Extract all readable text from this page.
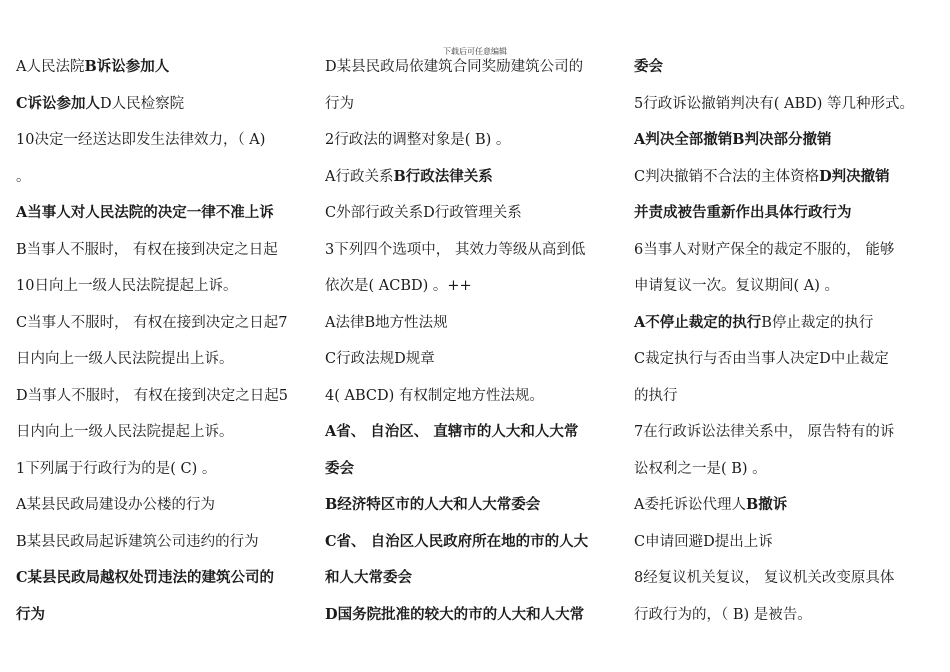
下载后可任意编辑
A人民法院B诉讼参加人
C诉讼参加人D人民检察院
10决定一经送达即发生法律效力，（ A)
。
A当事人对人民法院的决定一律不准上诉
B当事人不服时， 有权在接到决定之日起
10日向上一级人民法院提起上诉。
C当事人不服时， 有权在接到决定之日起7
日内向上一级人民法院提出上诉。
D当事人不服时， 有权在接到决定之日起5
日内向上一级人民法院提起上诉。
1下列属于行政行为的是( C) 。
A某县民政局建设办公楼的行为
B某县民政局起诉建筑公司违约的行为
C某县民政局越权处罚违法的建筑公司的
行为
D某县民政局依建筑合同奖励建筑公司的
行为
2行政法的调整对象是( B) 。
A行政关系B行政法律关系
C外部行政关系D行政管理关系
3下列四个选项中， 其效力等级从高到低
依次是( ACBD) 。++
A法律B地方性法规
C行政法规D规章
4( ABCD) 有权制定地方性法规。
A省、 自治区、 直辖市的人大和人大常
委会
B经济特区市的人大和人大常委会
C省、 自治区人民政府所在地的市的人大
和人大常委会
D国务院批准的较大的市的人大和人大常
委会
5行政诉讼撤销判决有( ABD) 等几种形式。
A判决全部撤销B判决部分撤销
C判决撤销不合法的主体资格D判决撤销
并责成被告重新作出具体行政行为
6当事人对财产保全的裁定不服的， 能够
申请复议一次。复议期间( A) 。
A不停止裁定的执行B停止裁定的执行
C裁定执行与否由当事人决定D中止裁定
的执行
7在行政诉讼法律关系中， 原告特有的诉
讼权利之一是( B) 。
A委托诉讼代理人B撤诉
C申请回避D提出上诉
8经复议机关复议， 复议机关改变原具体
行政行为的，（ B) 是被告。
